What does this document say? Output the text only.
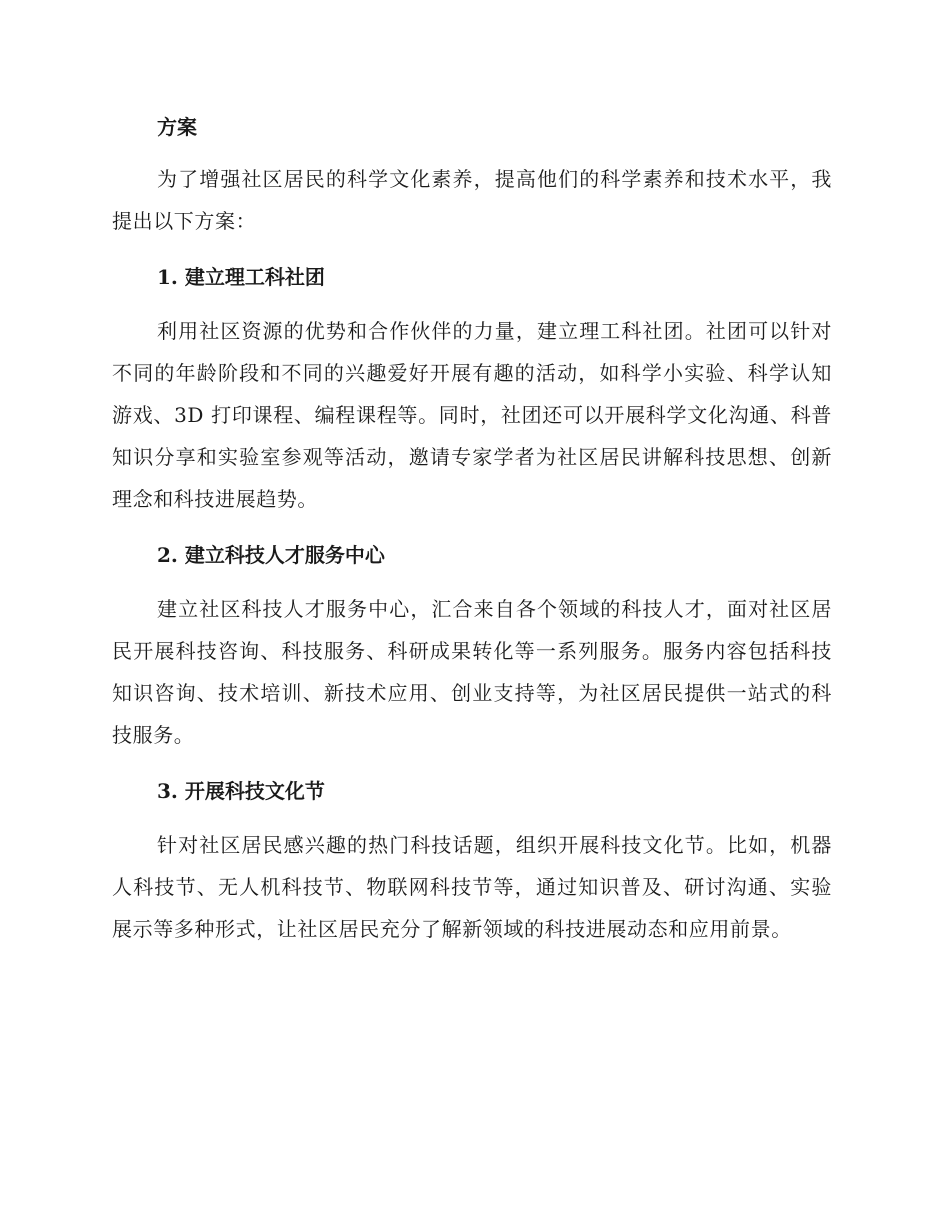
方案

为了增强社区居民的科学文化素养，提高他们的科学素养和技术水平，我提出以下方案：

1. 建立理工科社团

利用社区资源的优势和合作伙伴的力量，建立理工科社团。社团可以针对不同的年龄阶段和不同的兴趣爱好开展有趣的活动，如科学小实验、科学认知游戏、3D 打印课程、编程课程等。同时，社团还可以开展科学文化沟通、科普知识分享和实验室参观等活动，邀请专家学者为社区居民讲解科技思想、创新理念和科技进展趋势。

2. 建立科技人才服务中心

建立社区科技人才服务中心，汇合来自各个领域的科技人才，面对社区居民开展科技咨询、科技服务、科研成果转化等一系列服务。服务内容包括科技知识咨询、技术培训、新技术应用、创业支持等，为社区居民提供一站式的科技服务。

3. 开展科技文化节

针对社区居民感兴趣的热门科技话题，组织开展科技文化节。比如，机器人科技节、无人机科技节、物联网科技节等，通过知识普及、研讨沟通、实验展示等多种形式，让社区居民充分了解新领域的科技进展动态和应用前景。
